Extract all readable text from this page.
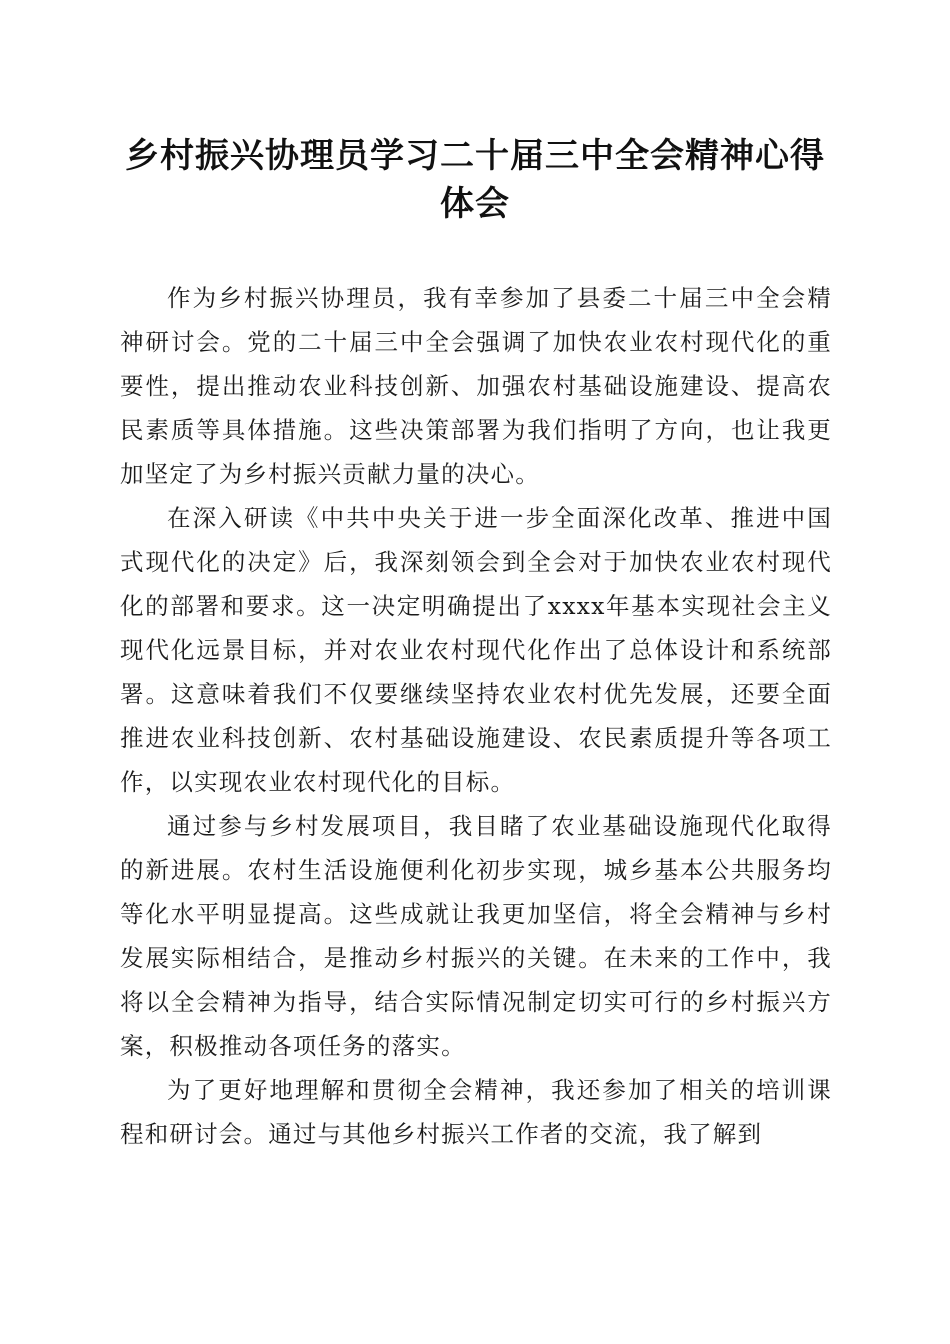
乡村振兴协理员学习二十届三中全会精神心得体会

作为乡村振兴协理员，我有幸参加了县委二十届三中全会精神研讨会。党的二十届三中全会强调了加快农业农村现代化的重要性，提出推动农业科技创新、加强农村基础设施建设、提高农民素质等具体措施。这些决策部署为我们指明了方向，也让我更加坚定了为乡村振兴贡献力量的决心。

在深入研读《中共中央关于进一步全面深化改革、推进中国式现代化的决定》后，我深刻领会到全会对于加快农业农村现代化的部署和要求。这一决定明确提出了xxxx年基本实现社会主义现代化远景目标，并对农业农村现代化作出了总体设计和系统部署。这意味着我们不仅要继续坚持农业农村优先发展，还要全面推进农业科技创新、农村基础设施建设、农民素质提升等各项工作，以实现农业农村现代化的目标。

通过参与乡村发展项目，我目睹了农业基础设施现代化取得的新进展。农村生活设施便利化初步实现，城乡基本公共服务均等化水平明显提高。这些成就让我更加坚信，将全会精神与乡村发展实际相结合，是推动乡村振兴的关键。在未来的工作中，我将以全会精神为指导，结合实际情况制定切实可行的乡村振兴方案，积极推动各项任务的落实。

为了更好地理解和贯彻全会精神，我还参加了相关的培训课程和研讨会。通过与其他乡村振兴工作者的交流，我了解到
